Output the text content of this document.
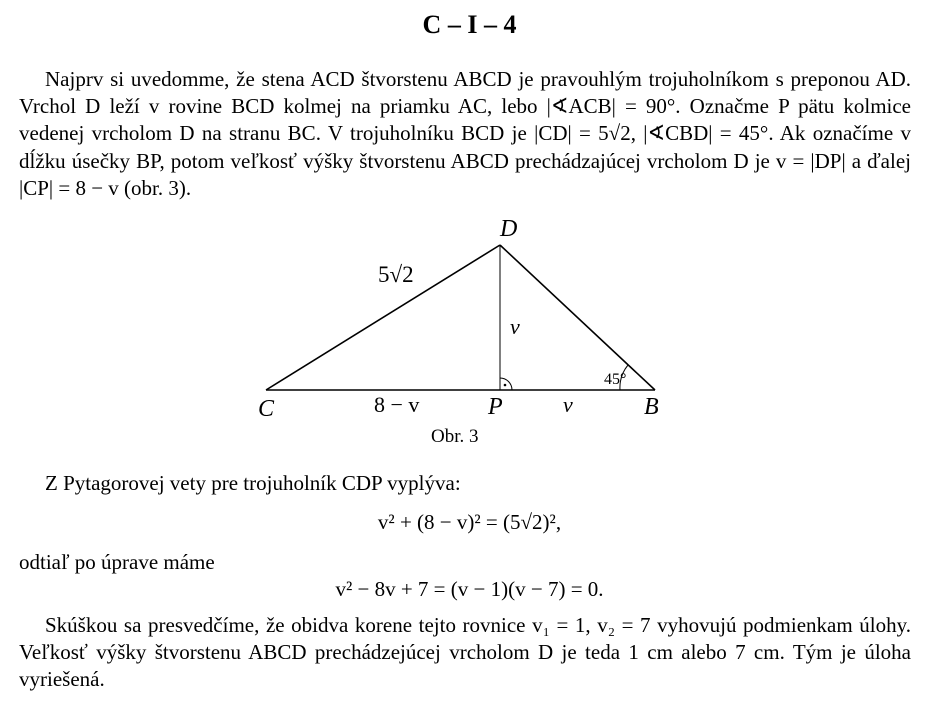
C – I – 4

Najprv si uvedomme, že stena ACD štvorstenu ABCD je pravouhlým trojuholníkom s preponou AD. Vrchol D leží v rovine BCD kolmej na priamku AC, lebo |∢ACB| = 90°. Označme P pätu kolmice vedenej vrcholom D na stranu BC. V trojuholníku BCD je |CD| = 5√2, |∢CBD| = 45°. Ak označíme v dĺžku úsečky BP, potom veľkosť výšky štvorstenu ABCD prechádzajúcej vrcholom D je v = |DP| a ďalej |CP| = 8 − v (obr. 3).

D
5√2
v
45°
C	8 − v	P	v	B
Obr. 3

Z Pytagorovej vety pre trojuholník CDP vyplýva:

v² + (8 − v)² = (5√2)²,

odtiaľ po úprave máme

v² − 8v + 7 = (v − 1)(v − 7) = 0.

Skúškou sa presvedčíme, že obidva korene tejto rovnice v₁ = 1, v₂ = 7 vyhovujú podmienkam úlohy. Veľkosť výšky štvorstenu ABCD prechádzejúcej vrcholom D je teda 1 cm alebo 7 cm. Tým je úloha vyriešená.
